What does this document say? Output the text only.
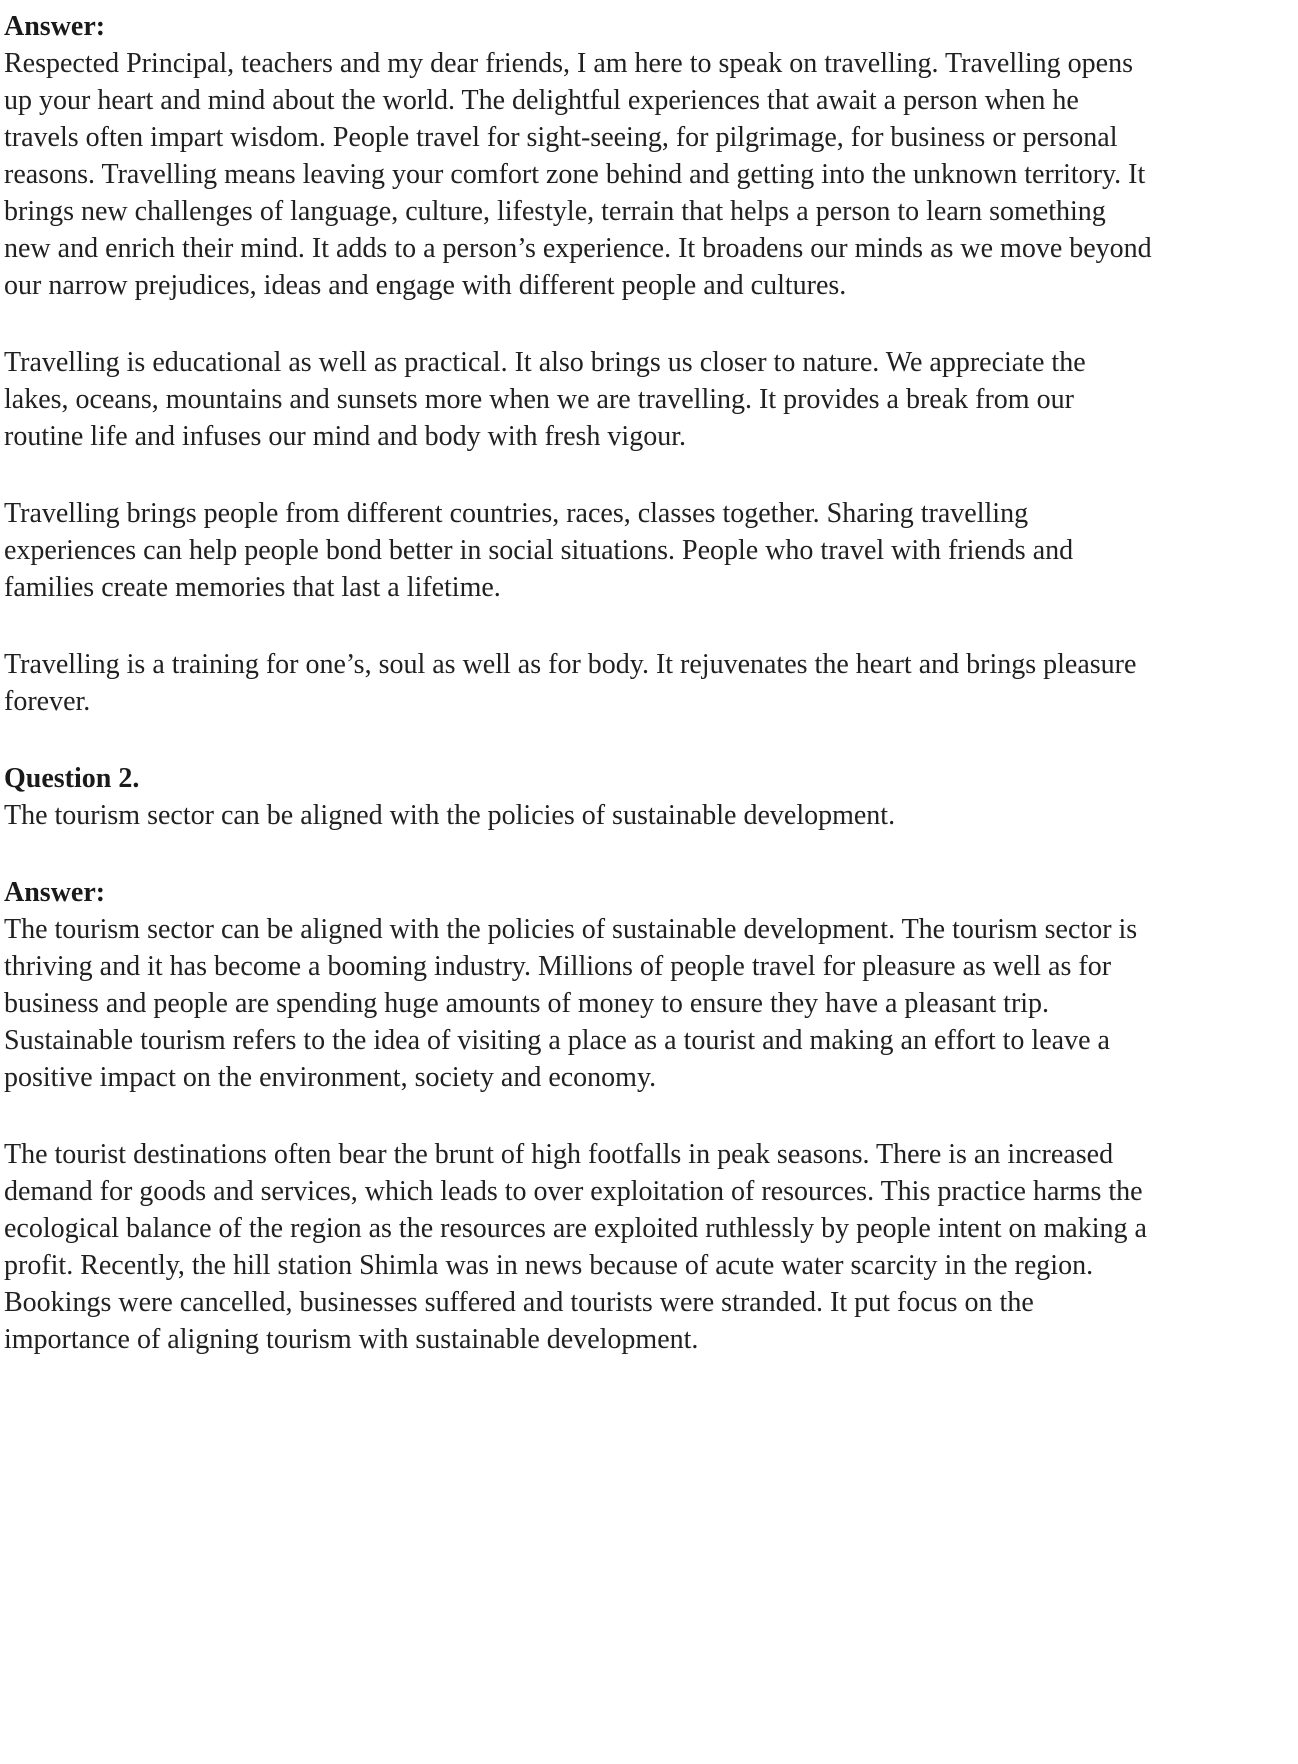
Answer:

Respected Principal, teachers and my dear friends, I am here to speak on travelling. Travelling opens up your heart and mind about the world. The delightful experiences that await a person when he travels often impart wisdom. People travel for sight-seeing, for pilgrimage, for business or personal reasons. Travelling means leaving your comfort zone behind and getting into the unknown territory. It brings new challenges of language, culture, lifestyle, terrain that helps a person to learn something new and enrich their mind. It adds to a person’s experience. It broadens our minds as we move beyond our narrow prejudices, ideas and engage with different people and cultures.

Travelling is educational as well as practical. It also brings us closer to nature. We appreciate the lakes, oceans, mountains and sunsets more when we are travelling. It provides a break from our routine life and infuses our mind and body with fresh vigour.

Travelling brings people from different countries, races, classes together. Sharing travelling experiences can help people bond better in social situations. People who travel with friends and families create memories that last a lifetime.

Travelling is a training for one’s, soul as well as for body. It rejuvenates the heart and brings pleasure forever.

Question 2.

The tourism sector can be aligned with the policies of sustainable development.

Answer:

The tourism sector can be aligned with the policies of sustainable development. The tourism sector is thriving and it has become a booming industry. Millions of people travel for pleasure as well as for business and people are spending huge amounts of money to ensure they have a pleasant trip. Sustainable tourism refers to the idea of visiting a place as a tourist and making an effort to leave a positive impact on the environment, society and economy.

The tourist destinations often bear the brunt of high footfalls in peak seasons. There is an increased demand for goods and services, which leads to over exploitation of resources. This practice harms the ecological balance of the region as the resources are exploited ruthlessly by people intent on making a profit. Recently, the hill station Shimla was in news because of acute water scarcity in the region. Bookings were cancelled, businesses suffered and tourists were stranded. It put focus on the importance of aligning tourism with sustainable development.
